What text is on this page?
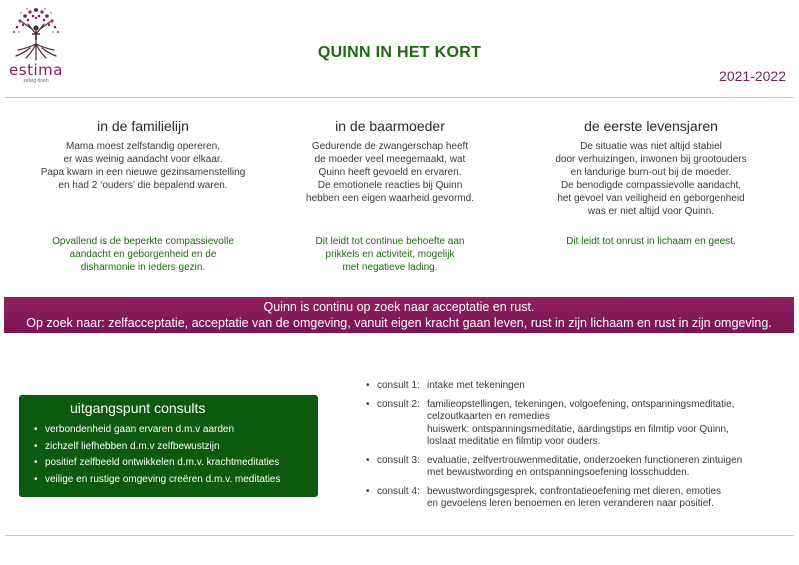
estima
zelvig doen
QUINN IN HET KORT
2021-2022
in de familielijn
Mama moest zelfstandig opereren,
er was weinig aandacht voor elkaar.
Papa kwam in een nieuwe gezinsamenstelling
en had 2 ‘ouders’ die bepalend waren.
Opvallend is de beperkte compassievolle
aandacht en geborgenheid en de
disharmonie in ieders gezin.
in de baarmoeder
Gedurende de zwangerschap heeft
de moeder veel meegemaakt, wat
Quinn heeft gevoeld en ervaren.
De emotionele reacties bij Quinn
hebben een eigen waarheid gevormd.
Dit leidt tot continue behoefte aan
prikkels en activiteit, mogelijk
met negatieve lading.
de eerste levensjaren
De situatie was niet altijd stabiel
door verhuizingen, inwonen bij grootouders
en landurige burn-out bij de moeder.
De benodigde compassievolle aandacht,
het gevoel van veiligheid en geborgenheid
was er niet altijd voor Quinn.
Dit leidt tot onrust in lichaam en geest.
Quinn is continu op zoek naar acceptatie en rust.
Op zoek naar: zelfacceptatie, acceptatie van de omgeving, vanuit eigen kracht gaan leven, rust in zijn lichaam en rust in zijn omgeving.
uitgangspunt consults
• verbondenheid gaan ervaren d.m.v aarden
• zichzelf liefhebben d.m.v zelfbewustzijn
• positief zelfbeeld ontwikkelen d.m.v. krachtmeditaties
• veilige en rustige omgeving creëren d.m.v. meditaties
• consult 1: intake met tekeningen
• consult 2: familieopstellingen, tekeningen, volgoefening, ontspanningsmeditatie,
celzoutkaarten en remedies
huiswerk: ontspanningsmeditatie, aardingstips en filmtip voor Quinn,
loslaat meditatie en filmtip voor ouders.
• consult 3: evaluatie, zelfvertrouwenmeditatie, onderzoeken functioneren zintuigen
met bewustwording en ontspanningsoefening losschudden.
• consult 4: bewustwordingsgesprek, confrontatieoefening met dieren, emoties
en gevoelens leren benoemen en leren veranderen naar positief.
